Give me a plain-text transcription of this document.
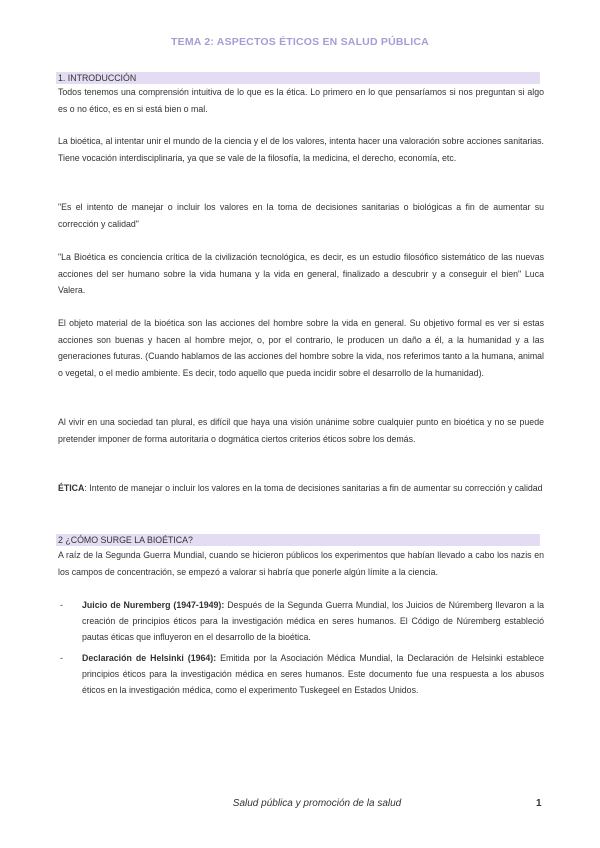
TEMA 2: ASPECTOS ÉTICOS EN SALUD PÚBLICA
1. INTRODUCCIÓN

Todos tenemos una comprensión intuitiva de lo que es la ética. Lo primero en lo que pensaríamos si nos preguntan si algo es o no ético, es en si está bien o mal.

La bioética, al intentar unir el mundo de la ciencia y el de los valores, intenta hacer una valoración sobre acciones sanitarias. Tiene vocación interdisciplinaria, ya que se vale de la filosofía, la medicina, el derecho, economía, etc.

"Es el intento de manejar o incluir los valores en la toma de decisiones sanitarias o biológicas a fin de aumentar su corrección y calidad"

"La Bioética es conciencia crítica de la civilización tecnológica, es decir, es un estudio filosófico sistemático de las nuevas acciones del ser humano sobre la vida humana y la vida en general, finalizado a descubrir y a conseguir el bien" Luca Valera.

El objeto material de la bioética son las acciones del hombre sobre la vida en general. Su objetivo formal es ver si estas acciones son buenas y hacen al hombre mejor, o, por el contrario, le producen un daño a él, a la humanidad y a las generaciones futuras. (Cuando hablamos de las acciones del hombre sobre la vida, nos referimos tanto a la humana, animal o vegetal, o el medio ambiente. Es decir, todo aquello que pueda incidir sobre el desarrollo de la humanidad).

Al vivir en una sociedad tan plural, es difícil que haya una visión unánime sobre cualquier punto en bioética y no se puede pretender imponer de forma autoritaria o dogmática ciertos criterios éticos sobre los demás.

ÉTICA: Intento de manejar o incluir los valores en la toma de decisiones sanitarias a fin de aumentar su corrección y calidad

2 ¿CÓMO SURGE LA BIOÉTICA?

A raíz de la Segunda Guerra Mundial, cuando se hicieron públicos los experimentos que habían llevado a cabo los nazis en los campos de concentración, se empezó a valorar si habría que ponerle algún límite a la ciencia.

-	Juicio de Nuremberg (1947-1949): Después de la Segunda Guerra Mundial, los Juicios de Núremberg llevaron a la creación de principios éticos para la investigación médica en seres humanos. El Código de Núremberg estableció pautas éticas que influyeron en el desarrollo de la bioética.
-	Declaración de Helsinki (1964): Emitida por la Asociación Médica Mundial, la Declaración de Helsinki establece principios éticos para la investigación médica en seres humanos. Este documento fue una respuesta a los abusos éticos en la investigación médica, como el experimento Tuskegeel en Estados Unidos.
Salud pública y promoción de la salud	1
